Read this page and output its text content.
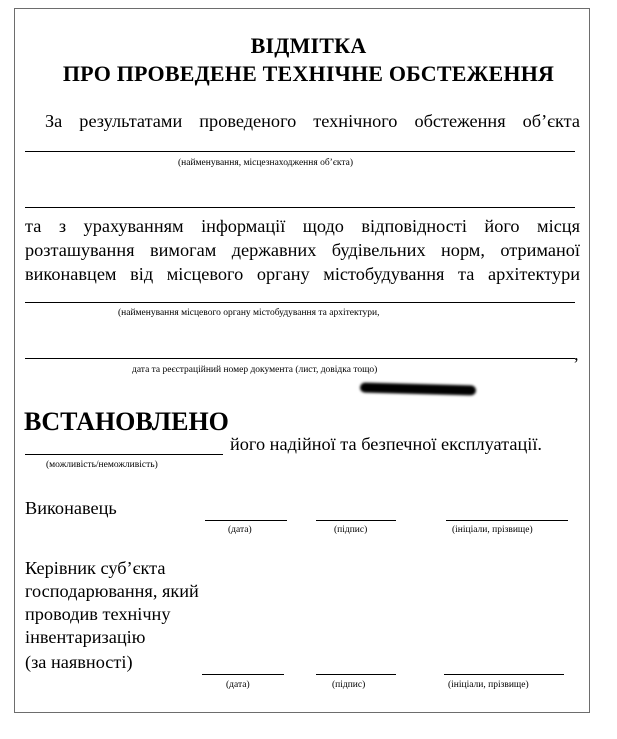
ВІДМІТКА
ПРО ПРОВЕДЕНЕ ТЕХНІЧНЕ ОБСТЕЖЕННЯ
За результатами проведеного технічного обстеження об’єкта
(найменування, місцезнаходження об’єкта)
та з урахуванням інформації щодо відповідності його місця
розташування вимогам державних будівельних норм, отриманої
виконавцем від місцевого органу містобудування та архітектури
(найменування місцевого органу містобудування та архітектури,
,
дата та реєстраційний номер документа (лист, довідка тощо)
ВСТАНОВЛЕНО
його надійної та безпечної експлуатації.
(можливість/неможливість)
Виконавець
(дата)	(підпис)	(ініціали, прізвище)
Керівник суб’єкта
господарювання, який
проводив технічну
інвентаризацію
(за наявності)
(дата)	(підпис)	(ініціали, прізвище)
